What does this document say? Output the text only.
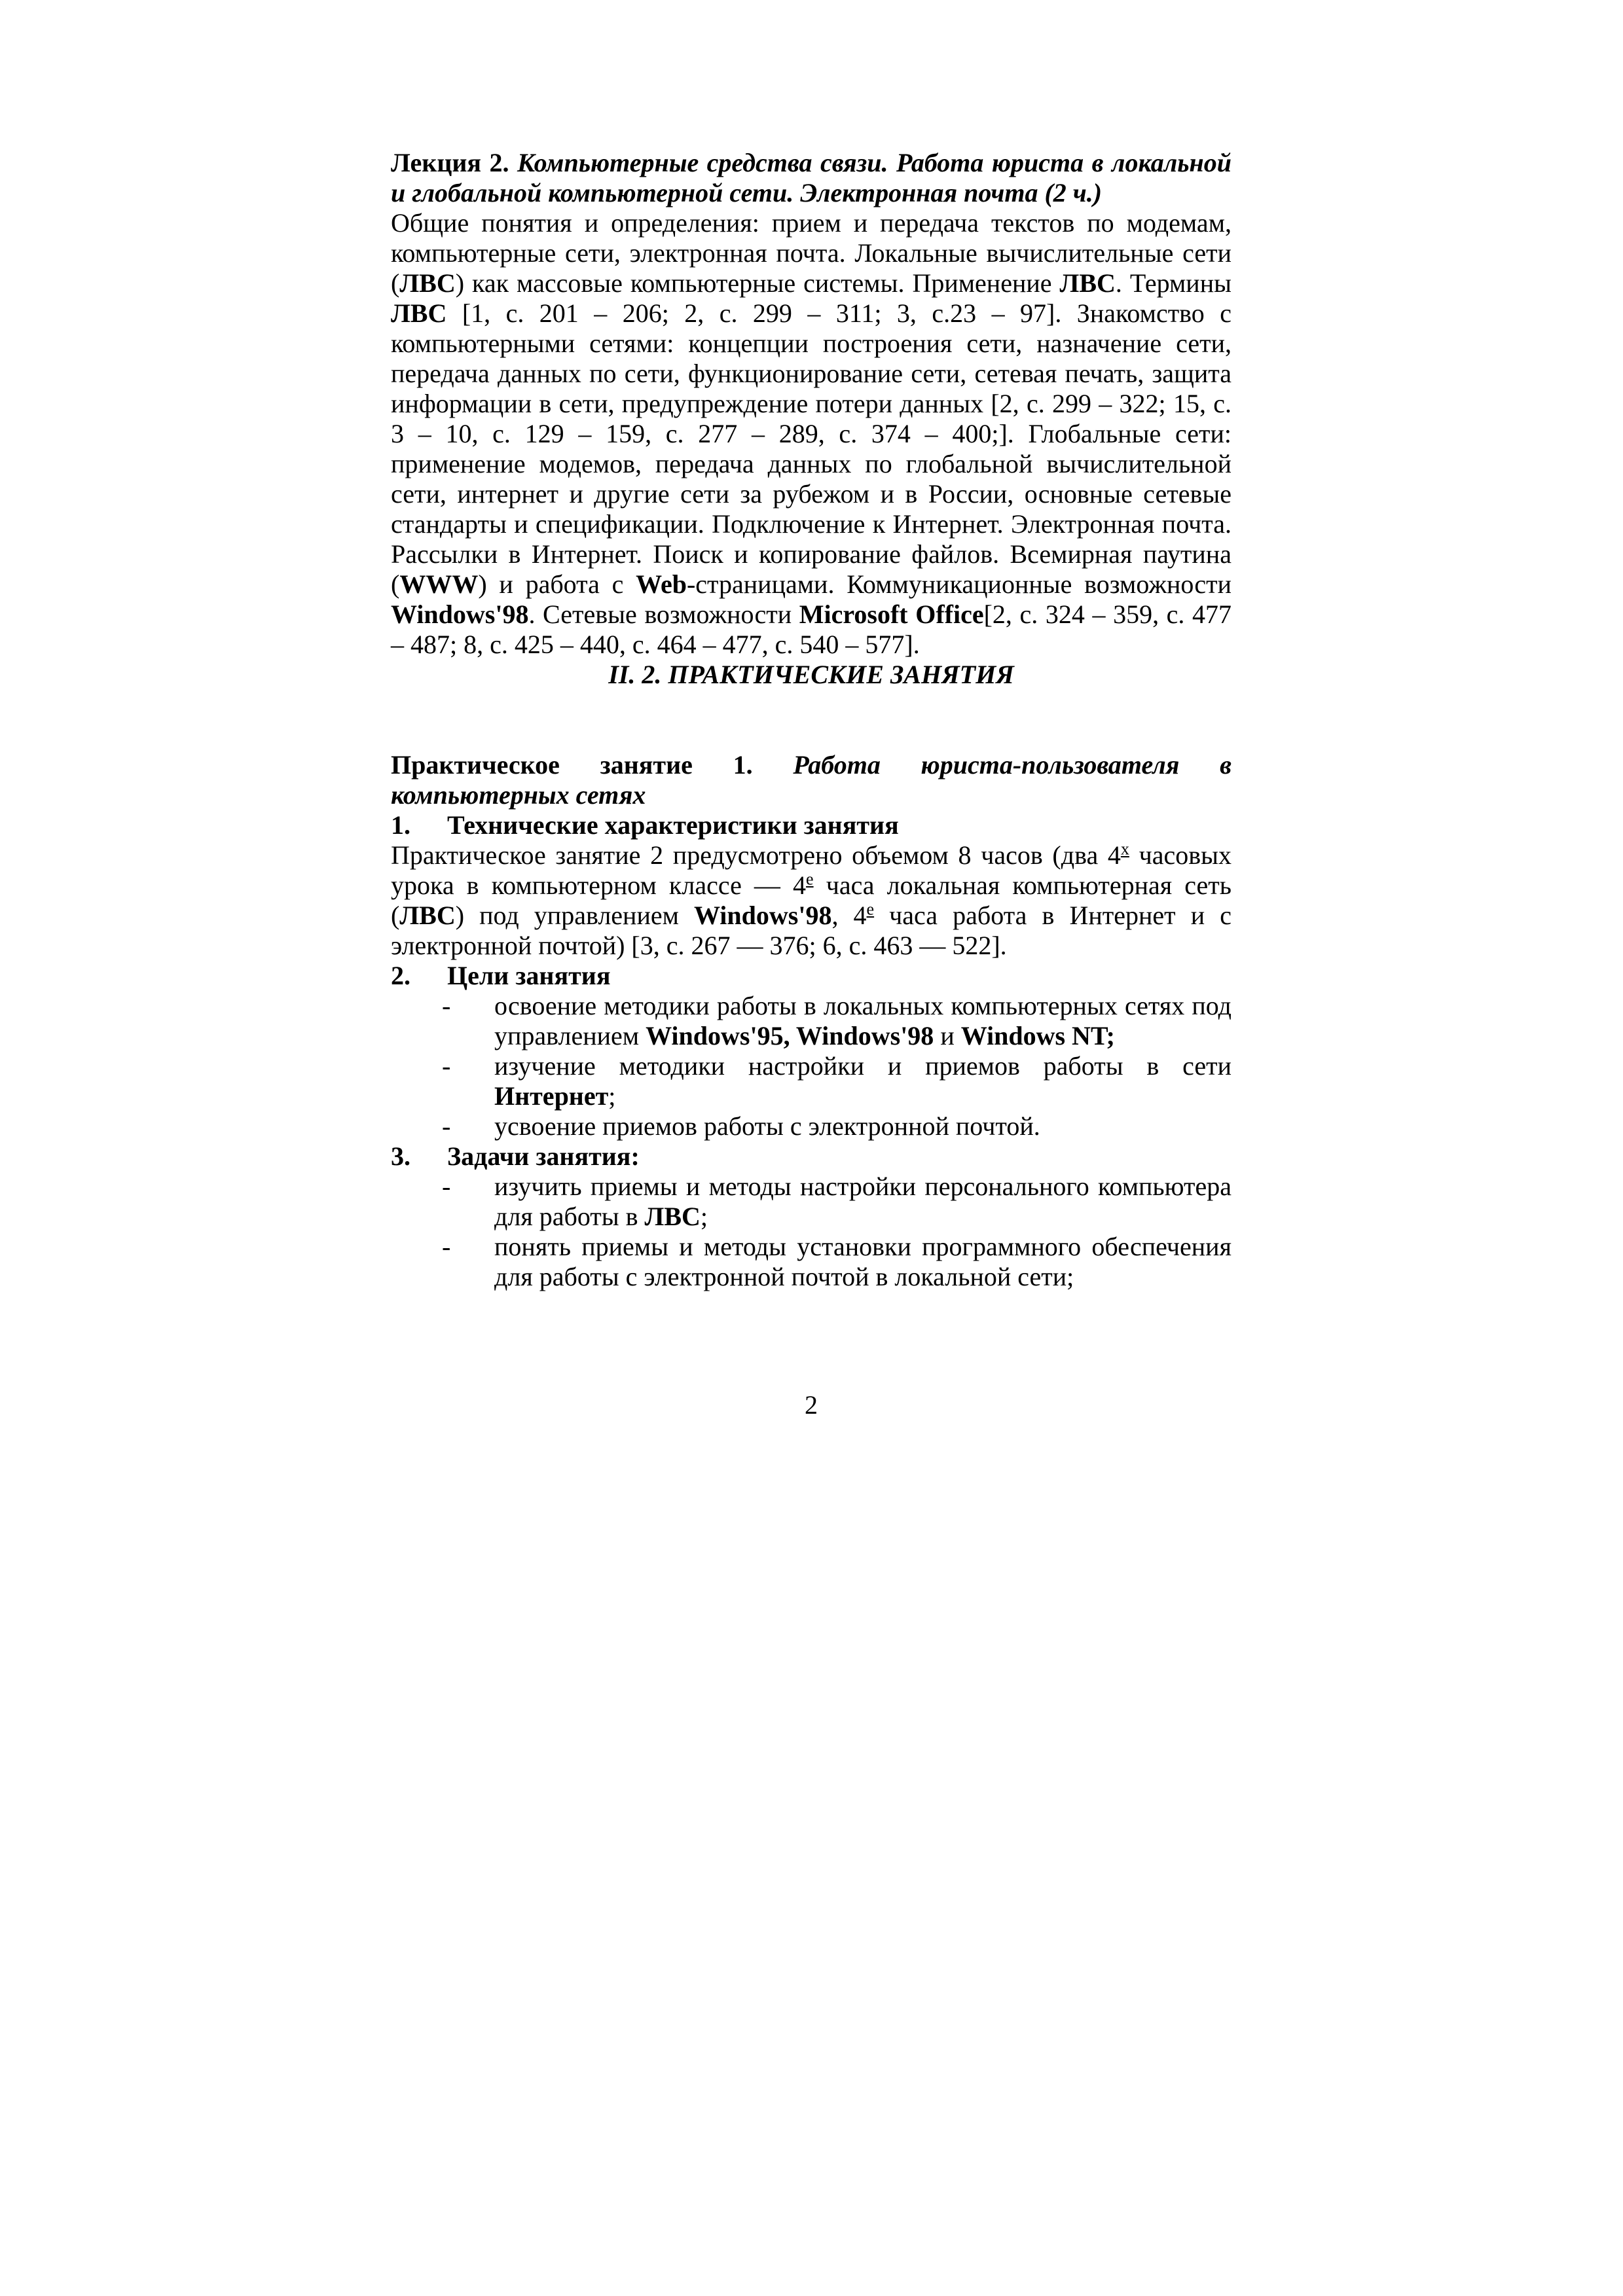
Лекция 2. Компьютерные средства связи. Работа юриста в локальной и глобальной компьютерной сети. Электронная почта (2 ч.)
Общие понятия и определения: прием и передача текстов по модемам, компьютерные сети, электронная почта. Локальные вычислительные сети (ЛВС) как массовые компьютерные системы. Применение ЛВС. Термины ЛВС [1, с. 201 – 206; 2, с. 299 – 311; 3, с.23 – 97]. Знакомство с компьютерными сетями: концепции построения сети, назначение сети, передача данных по сети, функционирование сети, сетевая печать, защита информации в сети, предупреждение потери данных [2, с. 299 – 322; 15, с. 3 – 10, с. 129 – 159, с. 277 – 289, с. 374 – 400;]. Глобальные сети: применение модемов, передача данных по глобальной вычислительной сети, интернет и другие сети за рубежом и в России, основные сетевые стандарты и спецификации. Подключение к Интернет. Электронная почта. Рассылки в Интернет. Поиск и копирование файлов. Всемирная паутина (WWW) и работа с Web-страницами. Коммуникационные возможности Windows'98. Сетевые возможности Microsoft Office[2, с. 324 – 359, с. 477 – 487; 8, с. 425 – 440, с. 464 – 477, с. 540 – 577].
II. 2. ПРАКТИЧЕСКИЕ ЗАНЯТИЯ
Практическое занятие 1. Работа юриста-пользователя в компьютерных сетях
1. Технические характеристики занятия
Практическое занятие 2 предусмотрено объемом 8 часов (два $4^х$ часовых урока в компьютерном классе — $4^е$ часа локальная компьютерная сеть (ЛВС) под управлением Windows'98, $4^е$ часа работа в Интернет и с электронной почтой) [3, с. 267 — 376; 6, с. 463 — 522].
2. Цели занятия
- освоение методики работы в локальных компьютерных сетях под управлением Windows'95, Windows'98 и Windows NT;
- изучение методики настройки и приемов работы в сети Интернет;
- усвоение приемов работы с электронной почтой.
3. Задачи занятия:
- изучить приемы и методы настройки персонального компьютера для работы в ЛВС;
- понять приемы и методы установки программного обеспечения для работы с электронной почтой в локальной сети;
2
